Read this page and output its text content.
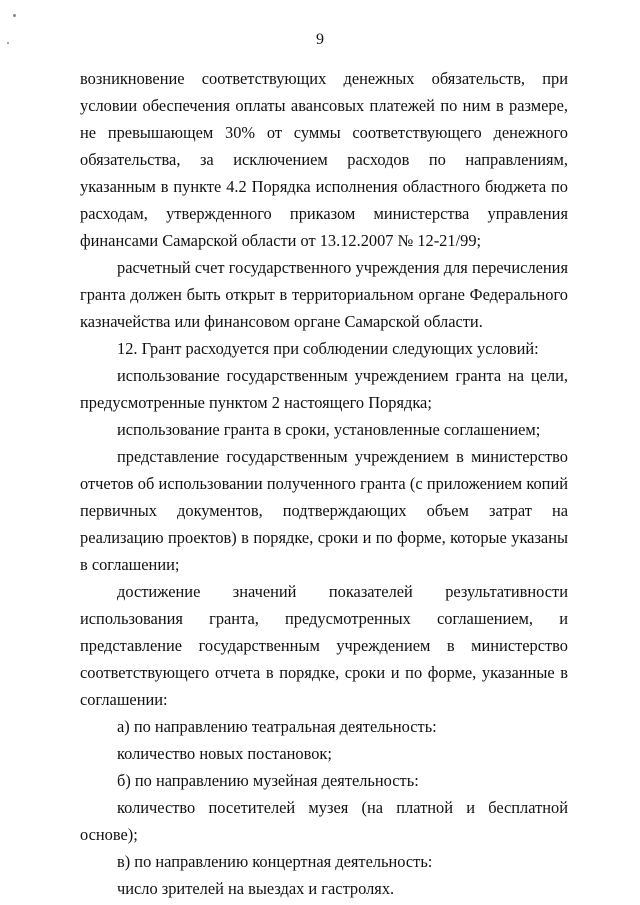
9

возникновение соответствующих денежных обязательств, при условии обеспечения оплаты авансовых платежей по ним в размере, не превышающем 30% от суммы соответствующего денежного обязательства, за исключением расходов по направлениям, указанным в пункте 4.2 Порядка исполнения областного бюджета по расходам, утвержденного приказом министерства управления финансами Самарской области от 13.12.2007 № 12-21/99;

расчетный счет государственного учреждения для перечисления гранта должен быть открыт в территориальном органе Федерального казначейства или финансовом органе Самарской области.

12. Грант расходуется при соблюдении следующих условий:

использование государственным учреждением гранта на цели, предусмотренные пунктом 2 настоящего Порядка;

использование гранта в сроки, установленные соглашением;

представление государственным учреждением в министерство отчетов об использовании полученного гранта (с приложением копий первичных документов, подтверждающих объем затрат на реализацию проектов) в порядке, сроки и по форме, которые указаны в соглашении;

достижение значений показателей результативности использования гранта, предусмотренных соглашением, и представление государственным учреждением в министерство соответствующего отчета в порядке, сроки и по форме, указанные в соглашении:

а) по направлению театральная деятельность:

количество новых постановок;

б) по направлению музейная деятельность:

количество посетителей музея (на платной и бесплатной основе);

в) по направлению концертная деятельность:

число зрителей на выездах и гастролях.
